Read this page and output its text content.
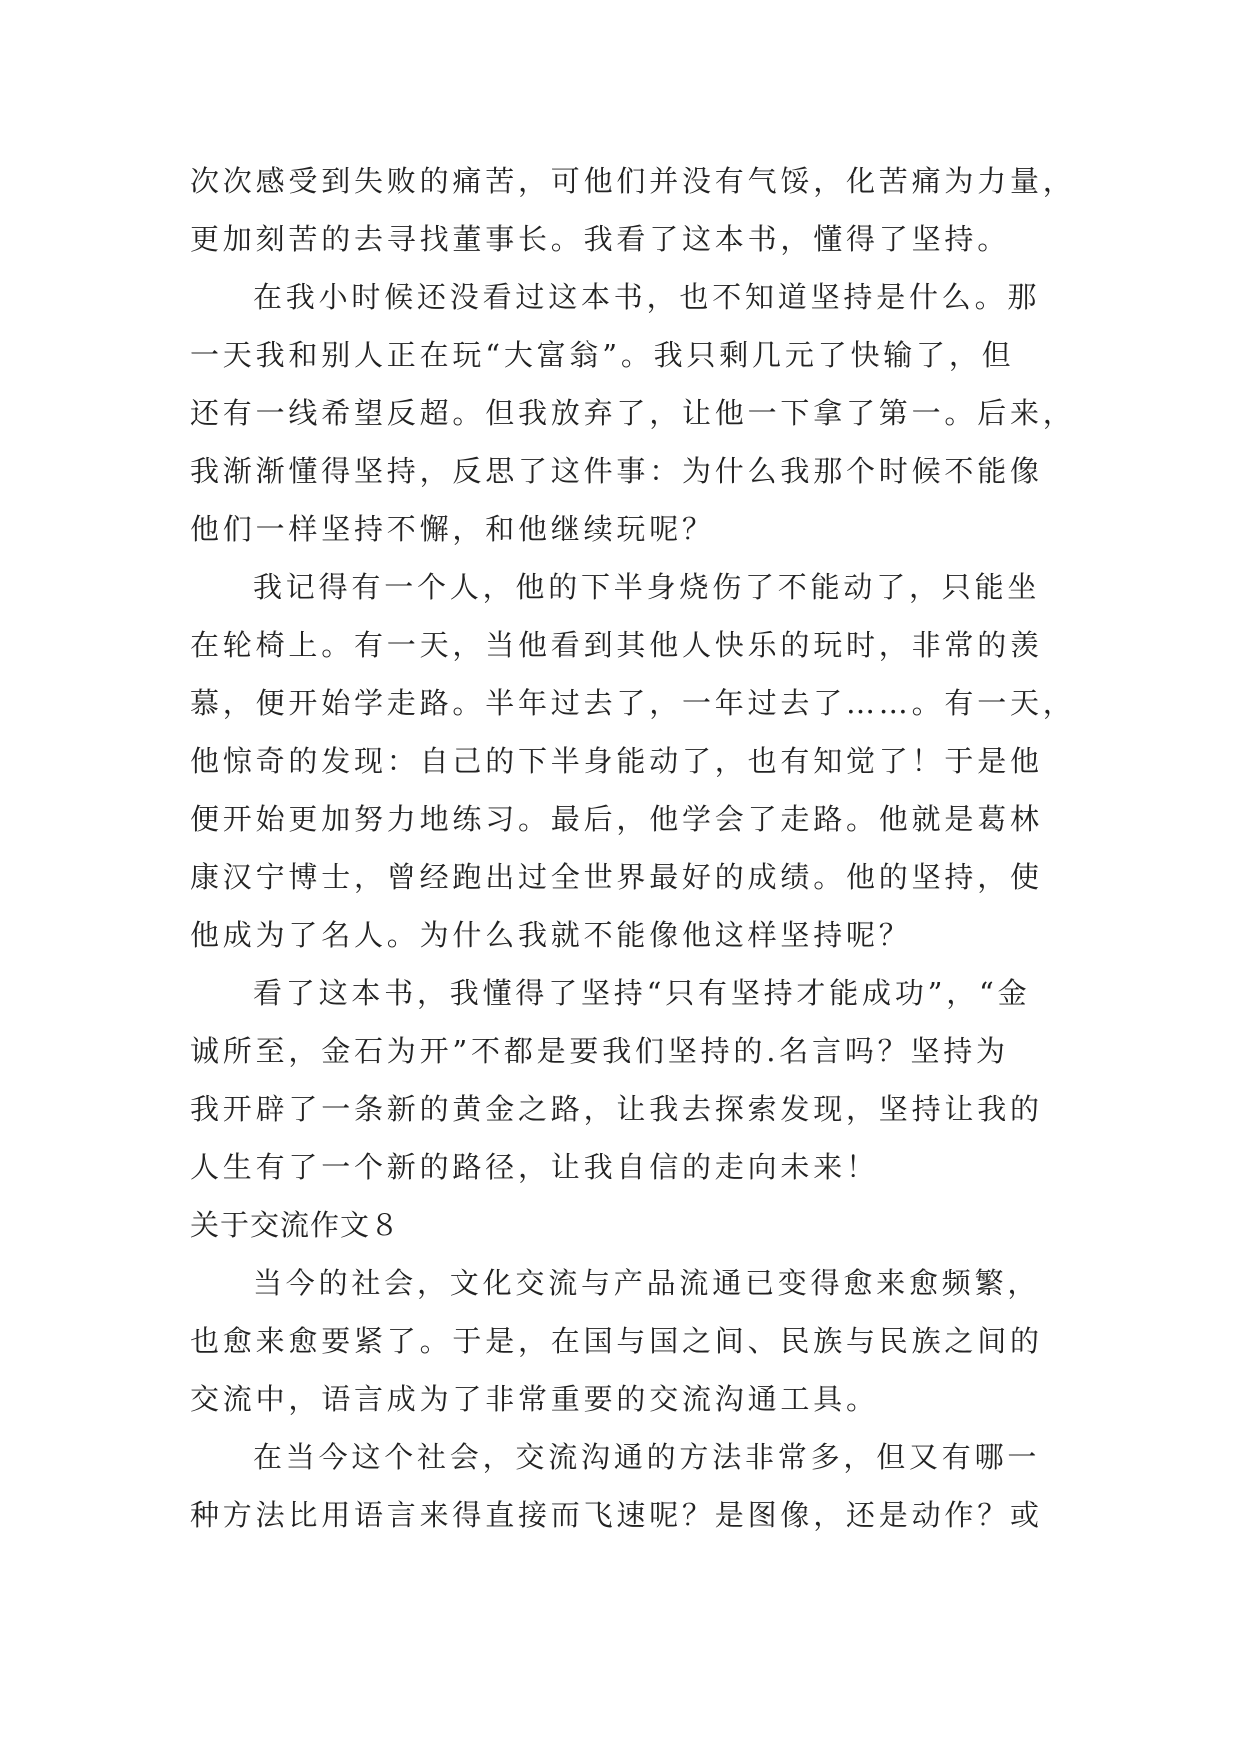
次次感受到失败的痛苦，可他们并没有气馁，化苦痛为力量，
更加刻苦的去寻找董事长。我看了这本书，懂得了坚持。
在我小时候还没看过这本书，也不知道坚持是什么。那
一天我和别人正在玩“大富翁”。我只剩几元了快输了，但
还有一线希望反超。但我放弃了，让他一下拿了第一。后来，
我渐渐懂得坚持，反思了这件事：为什么我那个时候不能像
他们一样坚持不懈，和他继续玩呢？
我记得有一个人，他的下半身烧伤了不能动了，只能坐
在轮椅上。有一天，当他看到其他人快乐的玩时，非常的羡
慕，便开始学走路。半年过去了，一年过去了……。有一天，
他惊奇的发现：自己的下半身能动了，也有知觉了！于是他
便开始更加努力地练习。最后，他学会了走路。他就是葛林
康汉宁博士，曾经跑出过全世界最好的成绩。他的坚持，使
他成为了名人。为什么我就不能像他这样坚持呢？
看了这本书，我懂得了坚持“只有坚持才能成功”，“金
诚所至，金石为开”不都是要我们坚持的.名言吗？坚持为
我开辟了一条新的黄金之路，让我去探索发现，坚持让我的
人生有了一个新的路径，让我自信的走向未来！
关于交流作文８
当今的社会，文化交流与产品流通已变得愈来愈频繁，
也愈来愈要紧了。于是，在国与国之间、民族与民族之间的
交流中，语言成为了非常重要的交流沟通工具。
在当今这个社会，交流沟通的方法非常多，但又有哪一
种方法比用语言来得直接而飞速呢？是图像，还是动作？或
